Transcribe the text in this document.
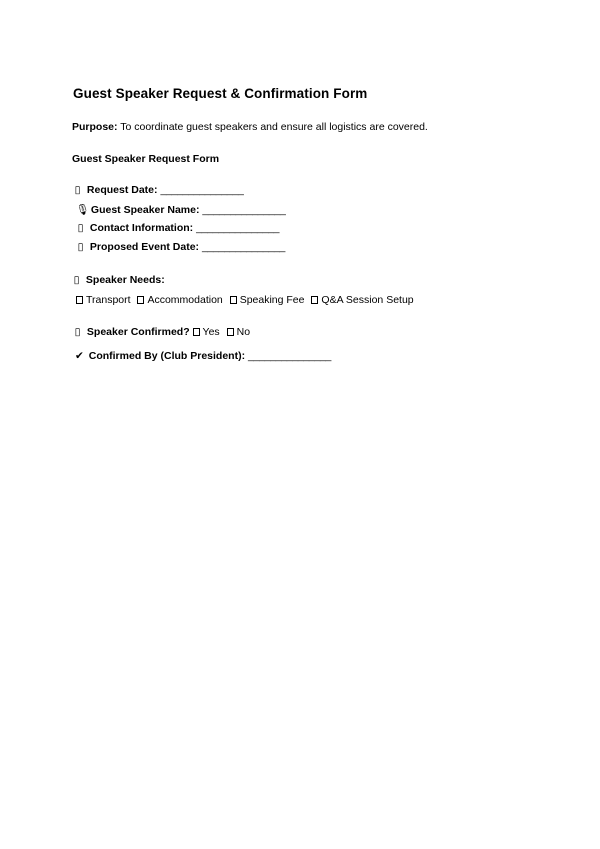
Guest Speaker Request & Confirmation Form
Purpose: To coordinate guest speakers and ensure all logistics are covered.
Guest Speaker Request Form
▯ Request Date: _______________
🎙 Guest Speaker Name: _______________
▯ Contact Information: _______________
▯ Proposed Event Date: _______________
▯ Speaker Needs:
Transport Accommodation Speaking Fee Q&A Session Setup
▯ Speaker Confirmed? Yes No
✔ Confirmed By (Club President): _______________
